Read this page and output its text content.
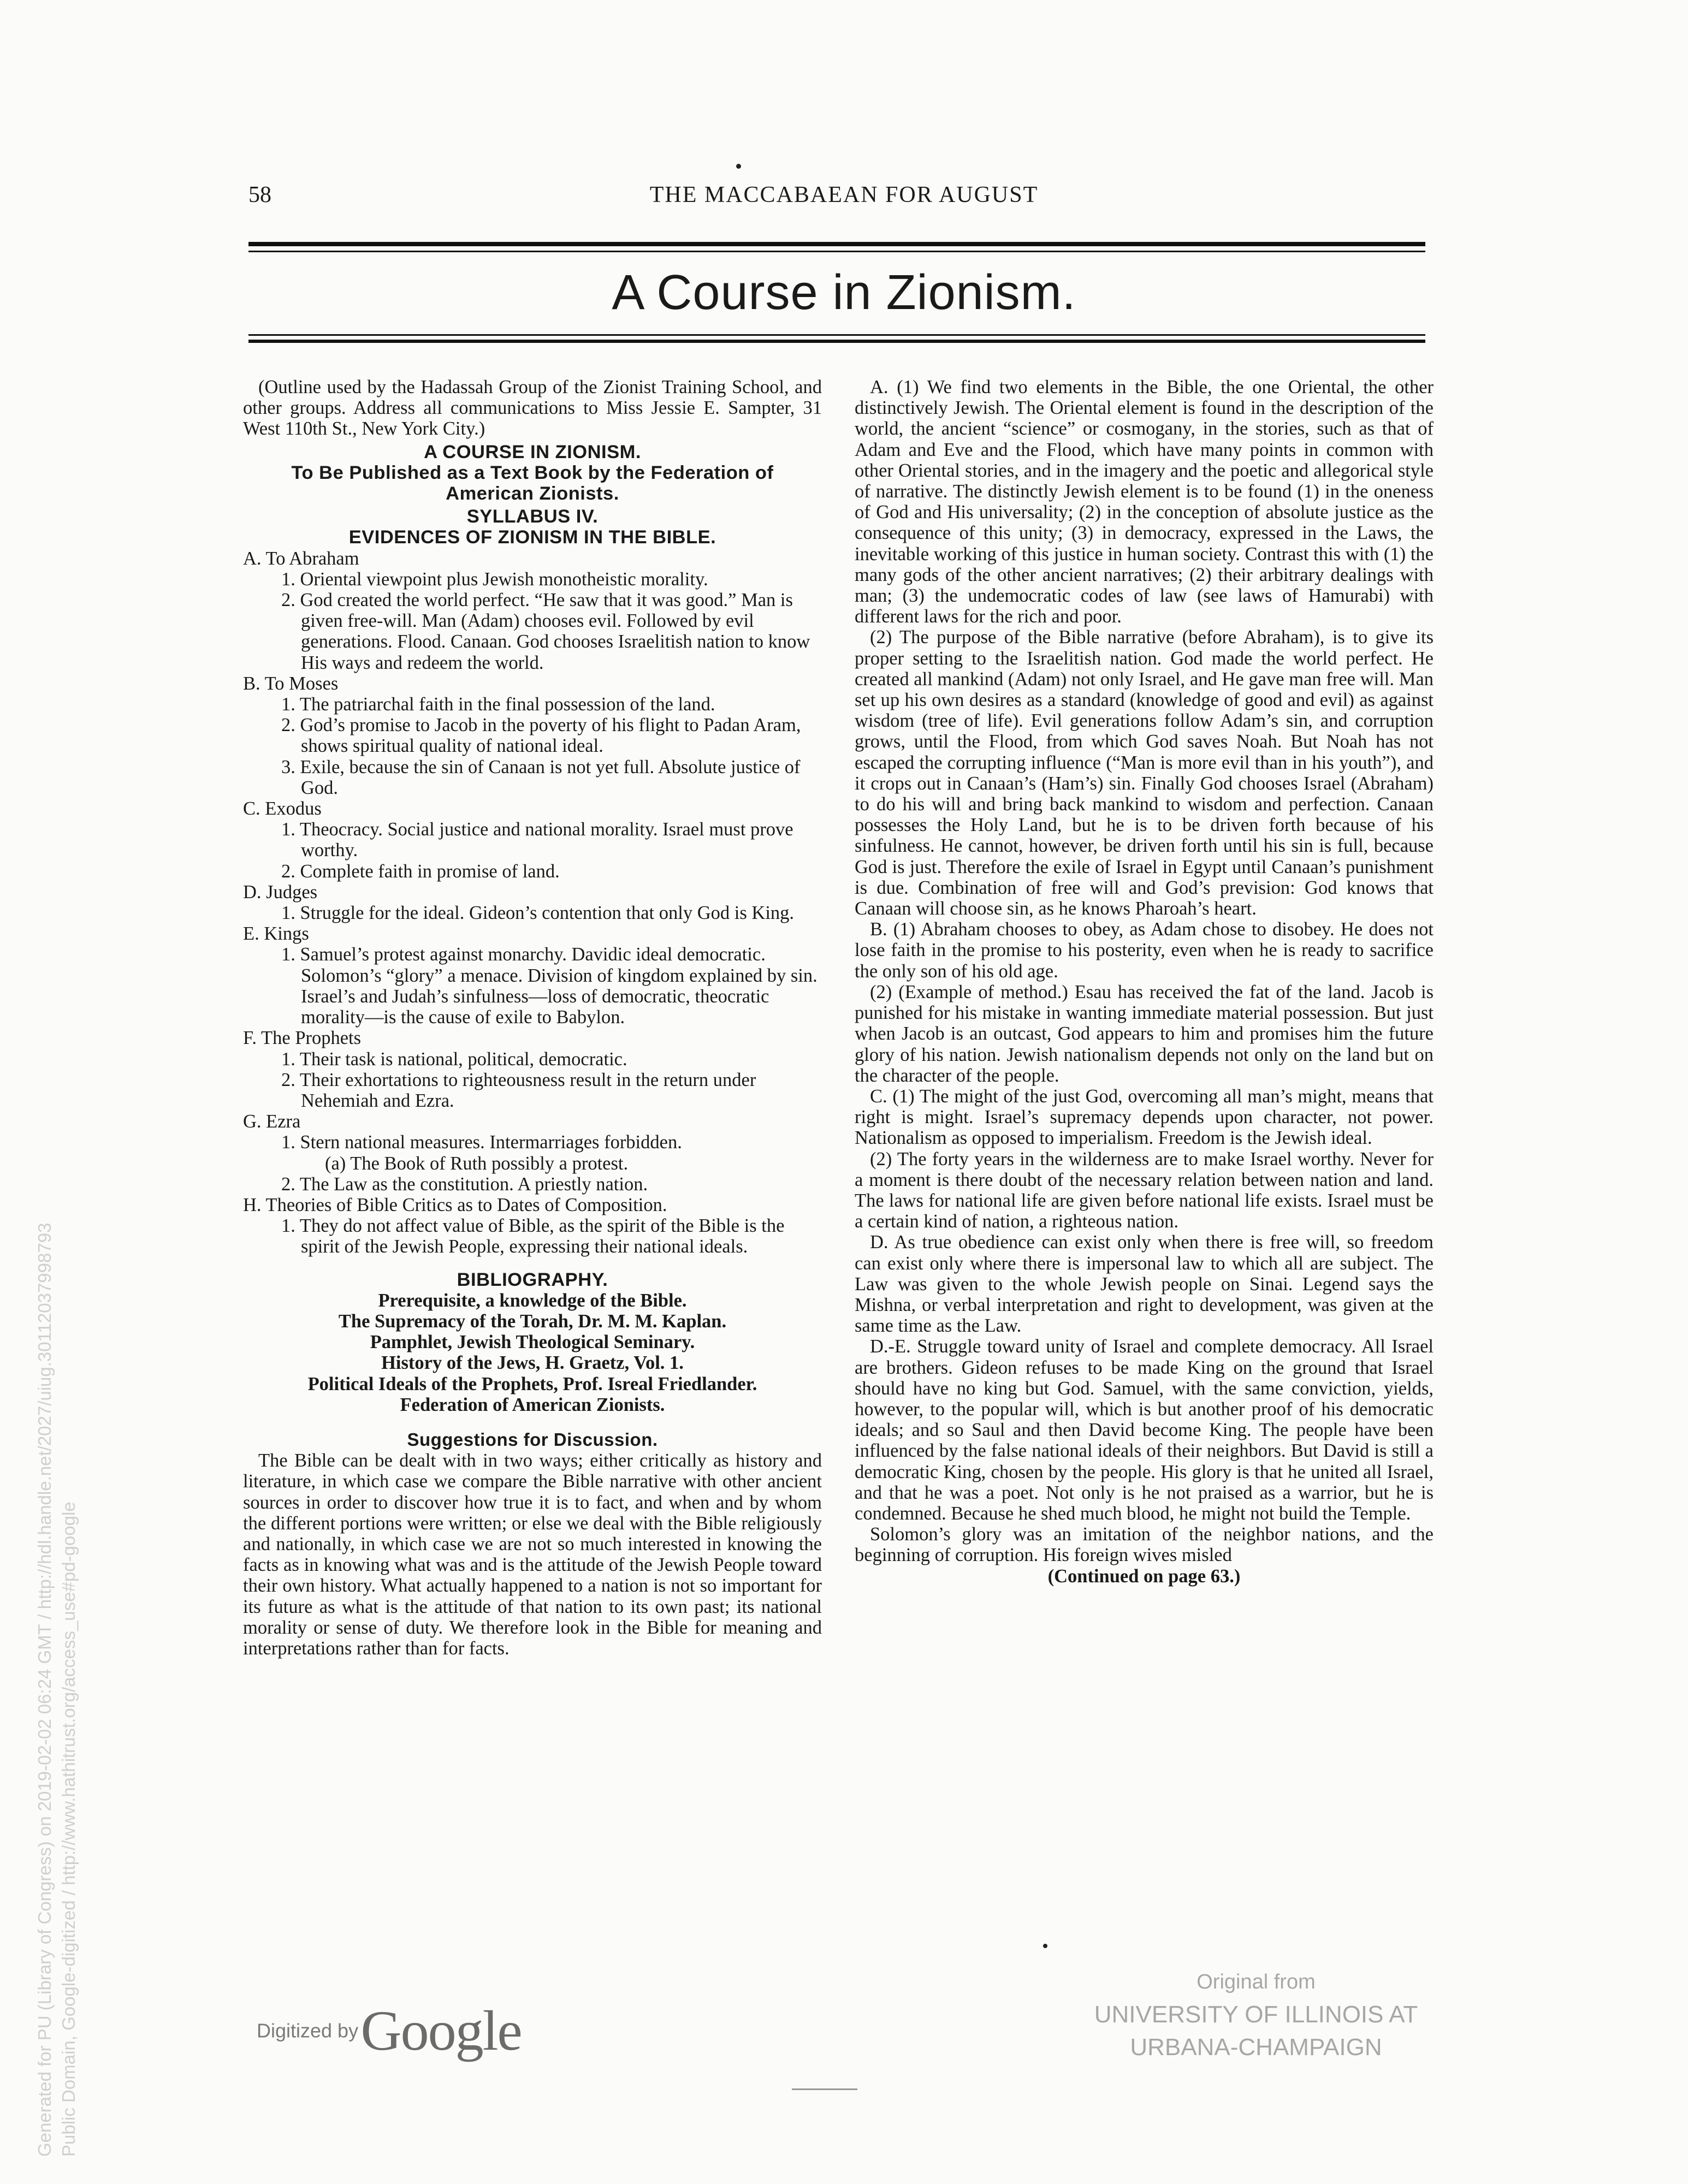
58	THE MACCABAEAN FOR AUGUST
A Course in Zionism.

(Outline used by the Hadassah Group of the Zionist Training School, and other groups. Address all communications to Miss Jessie E. Sampter, 31 West 110th St., New York City.)

A COURSE IN ZIONISM.
To Be Published as a Text Book by the Federation of American Zionists.
SYLLABUS IV.
EVIDENCES OF ZIONISM IN THE BIBLE.
A. To Abraham
1. Oriental viewpoint plus Jewish monotheistic morality.
2. God created the world perfect. “He saw that it was good.” Man is given free-will. Man (Adam) chooses evil. Followed by evil generations. Flood. Canaan. God chooses Israelitish nation to know His ways and redeem the world.
B. To Moses
1. The patriarchal faith in the final possession of the land.
2. God’s promise to Jacob in the poverty of his flight to Padan Aram, shows spiritual quality of national ideal.
3. Exile, because the sin of Canaan is not yet full. Absolute justice of God.
C. Exodus
1. Theocracy. Social justice and national morality. Israel must prove worthy.
2. Complete faith in promise of land.
D. Judges
1. Struggle for the ideal. Gideon’s contention that only God is King.
E. Kings
1. Samuel’s protest against monarchy. Davidic ideal democratic. Solomon’s “glory” a menace. Division of kingdom explained by sin. Israel’s and Judah’s sinfulness—loss of democratic, theocratic morality—is the cause of exile to Babylon.
F. The Prophets
1. Their task is national, political, democratic.
2. Their exhortations to righteousness result in the return under Nehemiah and Ezra.
G. Ezra
1. Stern national measures. Intermarriages forbidden.
(a) The Book of Ruth possibly a protest.
2. The Law as the constitution. A priestly nation.
H. Theories of Bible Critics as to Dates of Composition.
1. They do not affect value of Bible, as the spirit of the Bible is the spirit of the Jewish People, expressing their national ideals.
BIBLIOGRAPHY.
Prerequisite, a knowledge of the Bible.
The Supremacy of the Torah, Dr. M. M. Kaplan.
Pamphlet, Jewish Theological Seminary.
History of the Jews, H. Graetz, Vol. 1.
Political Ideals of the Prophets, Prof. Isreal Friedlander.
Federation of American Zionists.
Suggestions for Discussion.

The Bible can be dealt with in two ways; either critically as history and literature, in which case we compare the Bible narrative with other ancient sources in order to discover how true it is to fact, and when and by whom the different portions were written; or else we deal with the Bible religiously and nationally, in which case we are not so much interested in knowing the facts as in knowing what was and is the attitude of the Jewish People toward their own history. What actually happened to a nation is not so important for its future as what is the attitude of that nation to its own past; its national morality or sense of duty. We therefore look in the Bible for meaning and interpretations rather than for facts.

A. (1) We find two elements in the Bible, the one Oriental, the other distinctively Jewish. The Oriental element is found in the description of the world, the ancient “science” or cosmogany, in the stories, such as that of Adam and Eve and the Flood, which have many points in common with other Oriental stories, and in the imagery and the poetic and allegorical style of narrative. The distinctly Jewish element is to be found (1) in the oneness of God and His universality; (2) in the conception of absolute justice as the consequence of this unity; (3) in democracy, expressed in the Laws, the inevitable working of this justice in human society. Contrast this with (1) the many gods of the other ancient narratives; (2) their arbitrary dealings with man; (3) the undemocratic codes of law (see laws of Hamurabi) with different laws for the rich and poor.

(2) The purpose of the Bible narrative (before Abraham), is to give its proper setting to the Israelitish nation. God made the world perfect. He created all mankind (Adam) not only Israel, and He gave man free will. Man set up his own desires as a standard (knowledge of good and evil) as against wisdom (tree of life). Evil generations follow Adam’s sin, and corruption grows, until the Flood, from which God saves Noah. But Noah has not escaped the corrupting influence (“Man is more evil than in his youth”), and it crops out in Canaan’s (Ham’s) sin. Finally God chooses Israel (Abraham) to do his will and bring back mankind to wisdom and perfection. Canaan possesses the Holy Land, but he is to be driven forth because of his sinfulness. He cannot, however, be driven forth until his sin is full, because God is just. Therefore the exile of Israel in Egypt until Canaan’s punishment is due. Combination of free will and God’s prevision: God knows that Canaan will choose sin, as he knows Pharoah’s heart.

B. (1) Abraham chooses to obey, as Adam chose to disobey. He does not lose faith in the promise to his posterity, even when he is ready to sacrifice the only son of his old age.

(2) (Example of method.) Esau has received the fat of the land. Jacob is punished for his mistake in wanting immediate material possession. But just when Jacob is an outcast, God appears to him and promises him the future glory of his nation. Jewish nationalism depends not only on the land but on the character of the people.

C. (1) The might of the just God, overcoming all man’s might, means that right is might. Israel’s supremacy depends upon character, not power. Nationalism as opposed to imperialism. Freedom is the Jewish ideal.

(2) The forty years in the wilderness are to make Israel worthy. Never for a moment is there doubt of the necessary relation between nation and land. The laws for national life are given before national life exists. Israel must be a certain kind of nation, a righteous nation.

D. As true obedience can exist only when there is free will, so freedom can exist only where there is impersonal law to which all are subject. The Law was given to the whole Jewish people on Sinai. Legend says the Mishna, or verbal interpretation and right to development, was given at the same time as the Law.

D.-E. Struggle toward unity of Israel and complete democracy. All Israel are brothers. Gideon refuses to be made King on the ground that Israel should have no king but God. Samuel, with the same conviction, yields, however, to the popular will, which is but another proof of his democratic ideals; and so Saul and then David become King. The people have been influenced by the false national ideals of their neighbors. But David is still a democratic King, chosen by the people. His glory is that he united all Israel, and that he was a poet. Not only is he not praised as a warrior, but he is condemned. Because he shed much blood, he might not build the Temple.

Solomon’s glory was an imitation of the neighbor nations, and the beginning of corruption. His foreign wives misled

(Continued on page 63.)
Digitized by Google
Original from
UNIVERSITY OF ILLINOIS AT
URBANA-CHAMPAIGN
Generated for PU (Library of Congress) on 2019-02-02 06:24 GMT / http://hdl.handle.net/2027/uiug.30112037998793 Public Domain, Google-digitized / http://www.hathitrust.org/access_use#pd-google
